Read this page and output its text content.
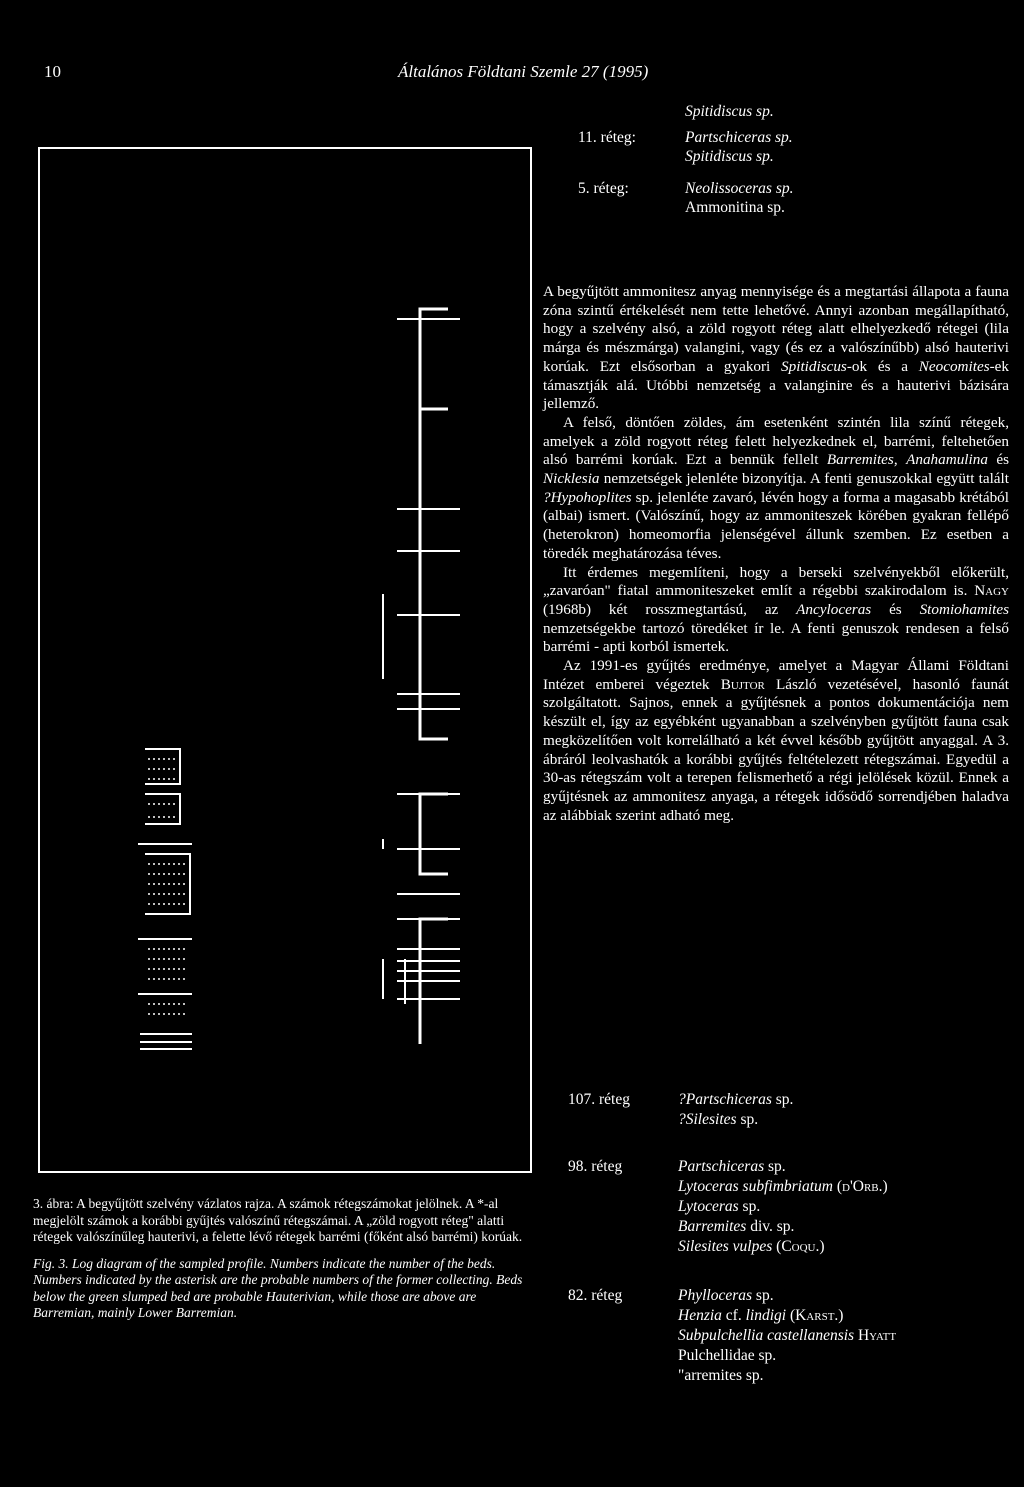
10	Általános Földtani Szemle 27 (1995)
Spitidiscus sp.
11. réteg:	Partschiceras sp.
Spitidiscus sp.
5. réteg:	Neolissoceras sp.
Ammonitina sp.

A begyűjtött ammonitesz anyag mennyisége és a megtartási állapota a fauna zóna szintű értékelését nem tette lehetővé. Annyi azonban megállapítható, hogy a szelvény alsó, a zöld rogyott réteg alatt elhelyezkedő rétegei (lila márga és mészmárga) valangini, vagy (és ez a valószínűbb) alsó hauterivi korúak. Ezt elsősorban a gyakori Spitidiscus-ok és a Neocomites-ek támasztják alá. Utóbbi nemzetség a valanginire és a hauterivi bázisára jellemző.

A felső, döntően zöldes, ám esetenként szintén lila színű rétegek, amelyek a zöld rogyott réteg felett helyezkednek el, barrémi, feltehetően alsó barrémi korúak. Ezt a bennük fellelt Barremites, Anahamulina és Nicklesia nemzetségek jelenléte bizonyítja. A fenti genuszokkal együtt talált ?Hypohoplites sp. jelenléte zavaró, lévén hogy a forma a magasabb krétából (albai) ismert. (Valószínű, hogy az ammoniteszek körében gyakran fellépő (heterokron) homeomorfia jelenségével állunk szemben. Ez esetben a töredék meghatározása téves.

Itt érdemes megemlíteni, hogy a berseki szelvényekből előkerült, „zavaróan" fiatal ammoniteszeket említ a régebbi szakirodalom is. Nagy (1968b) két rosszmegtartású, az Ancyloceras és Stomiohamites nemzetségekbe tartozó töredéket ír le. A fenti genuszok rendesen a felső barrémi - apti korból ismertek.

Az 1991-es gyűjtés eredménye, amelyet a Magyar Állami Földtani Intézet emberei végeztek Bujtor László vezetésével, hasonló faunát szolgáltatott. Sajnos, ennek a gyűjtésnek a pontos dokumentációja nem készült el, így az egyébként ugyanabban a szelvényben gyűjtött fauna csak megközelítően volt korrelálható a két évvel később gyűjtött anyaggal. A 3. ábráról leolvashatók a korábbi gyűjtés feltételezett rétegszámai. Egyedül a 30-as rétegszám volt a terepen felismerhető a régi jelölések közül. Ennek a gyűjtésnek az ammonitesz anyaga, a rétegek idősödő sorrendjében haladva az alábbiak szerint adható meg.

107. réteg	?Partschiceras sp.
?Silesites sp.
98. réteg	Partschiceras sp.
Lytoceras subfimbriatum (d'Orb.)
Lytoceras sp.
Barremites div. sp.
Silesites vulpes (Coqu.)
82. réteg	Phylloceras sp.
Henzia cf. lindigi (Karst.)
Subpulchellia castellanensis Hyatt
Pulchellidae sp.
"arremites sp.

3. ábra: A begyűjtött szelvény vázlatos rajza. A számok rétegszámokat jelölnek. A *-al megjelölt számok a korábbi gyűjtés valószínű rétegszámai. A „zöld rogyott réteg" alatti rétegek valószínűleg hauterivi, a felette lévő rétegek barrémi (főként alsó barrémi) korúak.

Fig. 3. Log diagram of the sampled profile. Numbers indicate the number of the beds. Numbers indicated by the asterisk are the probable numbers of the former collecting. Beds below the green slumped bed are probable Hauterivian, while those are above are Barremian, mainly Lower Barremian.
